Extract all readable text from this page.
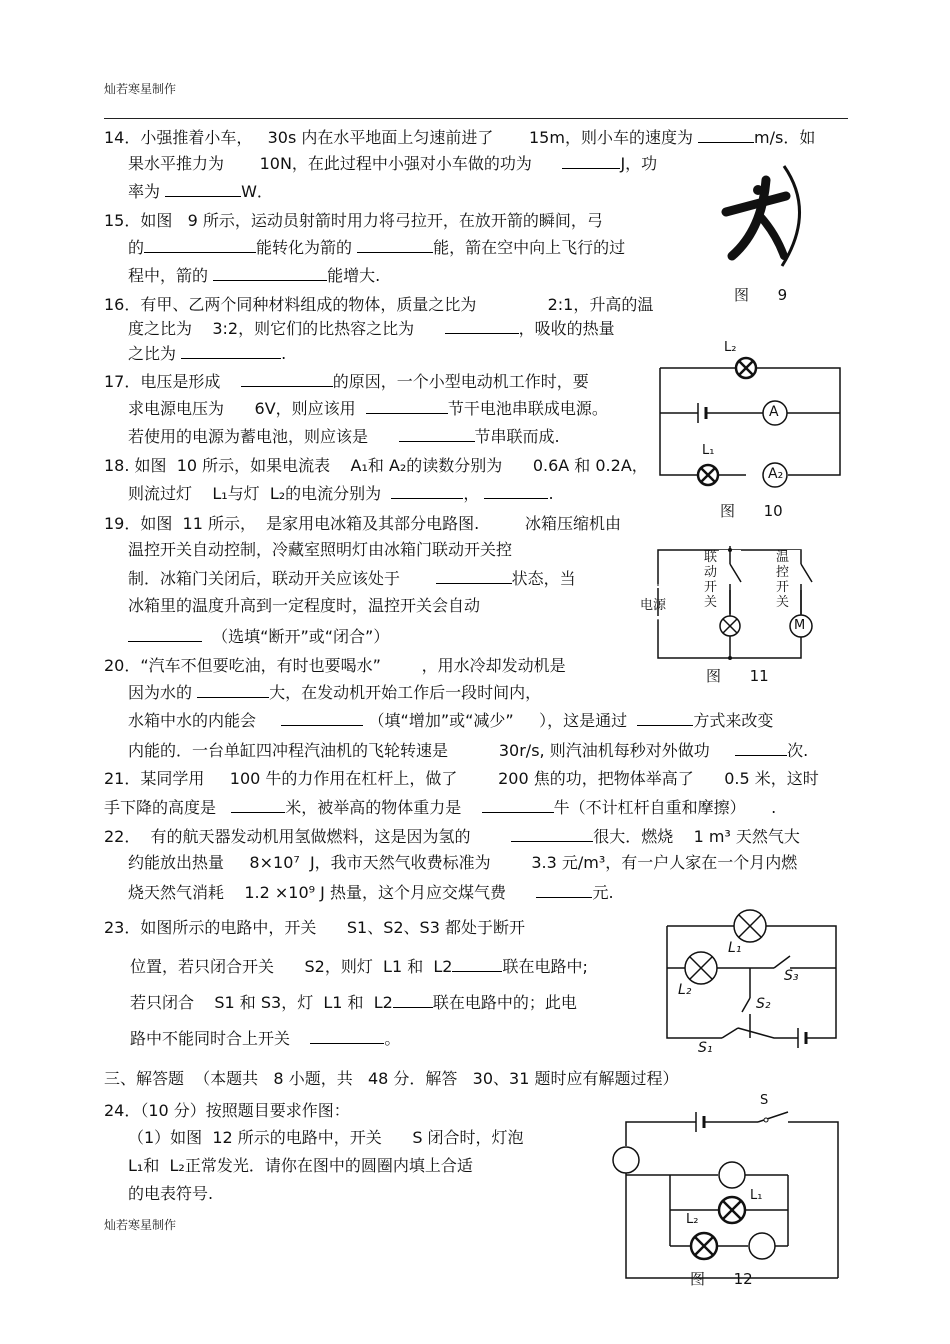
灿若寒星制作
14．小强推着小车，   30s 内在水平地面上匀速前进了       15m，则小车的速度为	m/s．如
果水平推力为       10N，在此过程中小强对小车做的功为	J，功
率为	W．
15．如图   9 所示，运动员射箭时用力将弓拉开，在放开箭的瞬间，弓
的	能转化为箭的	能，箭在空中向上飞行的过
程中，箭的	能增大.
16．有甲、乙两个同种材料组成的物体，质量之比为              2:1，升高的温
度之比为    3:2，则它们的比热容之比为	，吸收的热量
之比为	.
17．电压是形成	的原因，一个小型电动机工作时，要
求电源电压为      6V，则应该用	节干电池串联成电源。
若使用的电源为蓄电池，则应该是	节串联而成.
18. 如图  10 所示，如果电流表    A₁和 A₂的读数分别为      0.6A 和 0.2A，
则流过灯    L₁与灯  L₂的电流分别为	，	.
19．如图  11 所示，  是家用电冰箱及其部分电路图.         冰箱压缩机由
温控开关自动控制，冷藏室照明灯由冰箱门联动开关控
制．冰箱门关闭后，联动开关应该处于	状态，当
冰箱里的温度升高到一定程度时，温控开关会自动
（选填“断开”或“闭合”）
20．“汽车不但要吃油，有时也要喝水”        ，用水冷却发动机是
因为水的	大，在发动机开始工作后一段时间内，
水箱中水的内能会	（填“增加”或“减少”     ），这是通过	方式来改变
内能的．一台单缸四冲程汽油机的飞轮转速是          30r/s, 则汽油机每秒对外做功	次.
21．某同学用     100 牛的力作用在杠杆上，做了        200 焦的功，把物体举高了      0.5 米，这时
手下降的高度是	米，被举高的物体重力是	牛（不计杠杆自重和摩擦）     .
22．  有的航天器发动机用氢做燃料，这是因为氢的	很大．燃烧    1 m³ 天然气大
约能放出热量     8×10⁷  J，我市天然气收费标准为        3.3 元/m³，有一户人家在一个月内燃
烧天然气消耗    1.2 ×10⁹ J 热量，这个月应交煤气费	元.
23．如图所示的电路中，开关      S1、S2、S3 都处于断开
位置，若只闭合开关      S2，则灯  L1 和  L2	联在电路中;
若只闭合    S1 和 S3，灯  L1 和  L2	联在电路中的；此电
路中不能同时合上开关	。
三、解答题  （本题共   8 小题，共   48 分．解答   30、31 题时应有解题过程）
24．（10 分）按照题目要求作图：
（1）如图  12 所示的电路中，开关      S 闭合时，灯泡
L₁和  L₂正常发光．请你在图中的圆圈内填上合适
的电表符号.
灿若寒星制作
图      9
L₂
A
L₁
A₂
图      10
电源
联动开关
温控开关
M
图      11
L₁
L₂
S₃
S₂
S₁
S
L₁
L₂
图      12
